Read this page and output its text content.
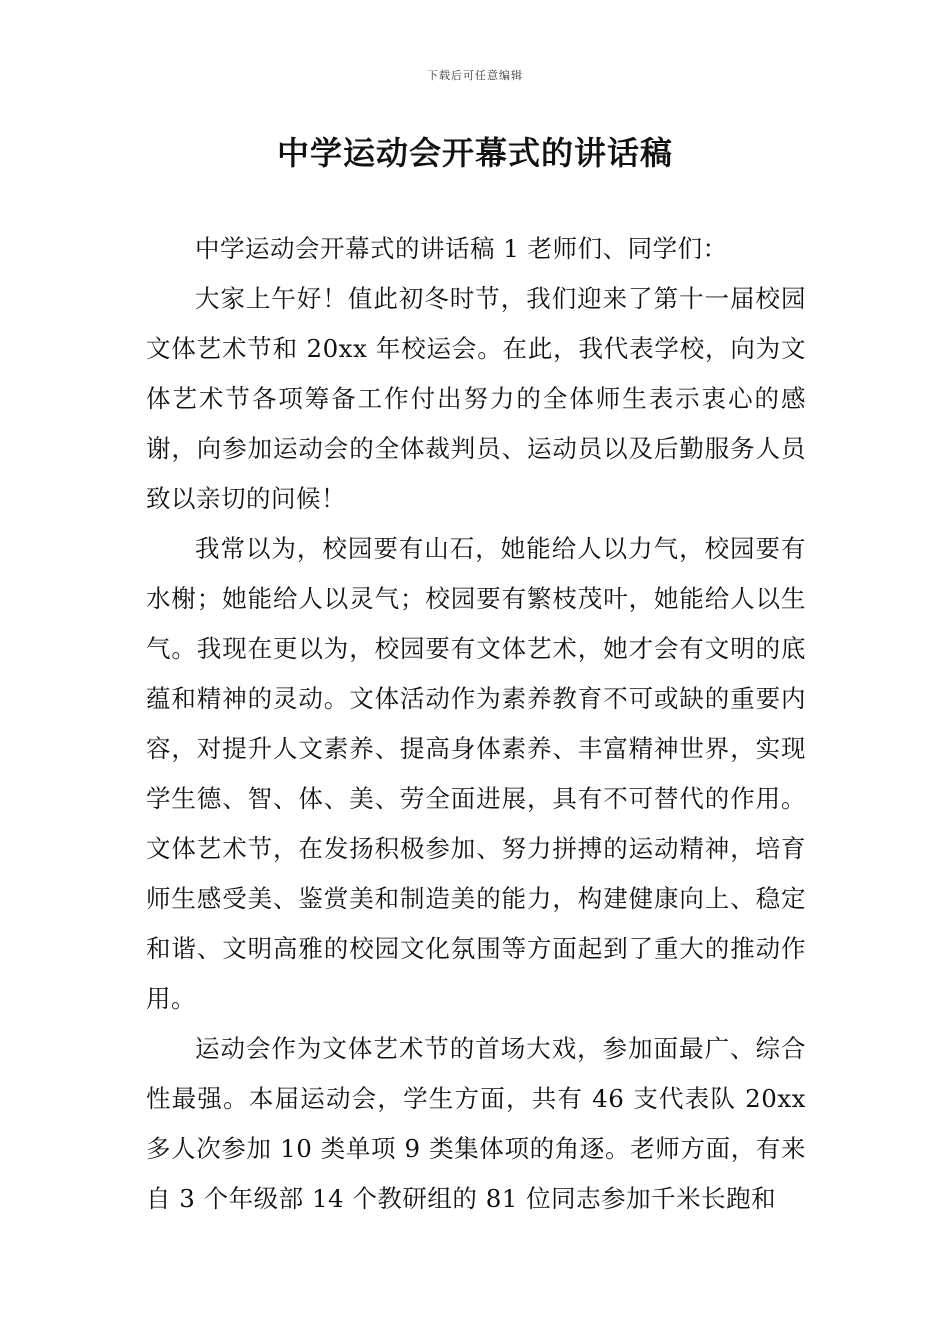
下载后可任意编辑
中学运动会开幕式的讲话稿

中学运动会开幕式的讲话稿 1 老师们、同学们：

大家上午好！值此初冬时节，我们迎来了第十一届校园文体艺术节和 20xx 年校运会。在此，我代表学校，向为文体艺术节各项筹备工作付出努力的全体师生表示衷心的感谢，向参加运动会的全体裁判员、运动员以及后勤服务人员致以亲切的问候！

我常以为，校园要有山石，她能给人以力气，校园要有水榭；她能给人以灵气；校园要有繁枝茂叶，她能给人以生气。我现在更以为，校园要有文体艺术，她才会有文明的底蕴和精神的灵动。文体活动作为素养教育不可或缺的重要内容，对提升人文素养、提高身体素养、丰富精神世界，实现学生德、智、体、美、劳全面进展，具有不可替代的作用。文体艺术节，在发扬积极参加、努力拼搏的运动精神，培育师生感受美、鉴赏美和制造美的能力，构建健康向上、稳定和谐、文明高雅的校园文化氛围等方面起到了重大的推动作用。

运动会作为文体艺术节的首场大戏，参加面最广、综合性最强。本届运动会，学生方面，共有 46 支代表队 20xx 多人次参加 10 类单项 9 类集体项的角逐。老师方面，有来自 3 个年级部 14 个教研组的 81 位同志参加千米长跑和
